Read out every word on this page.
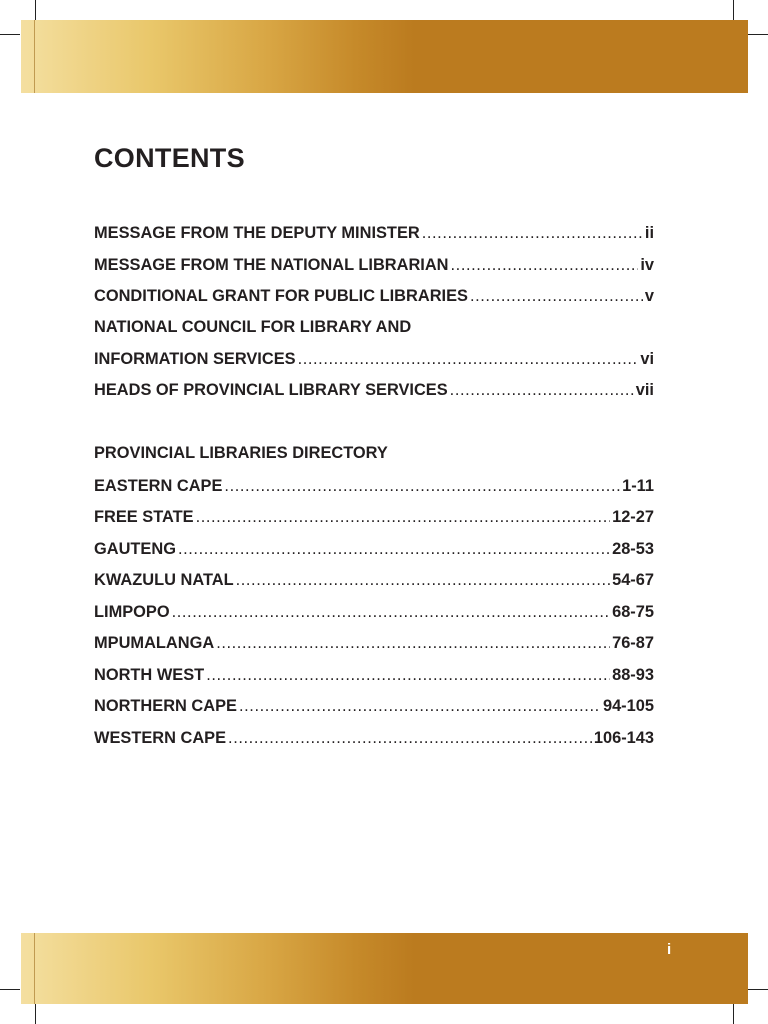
CONTENTS
MESSAGE FROM THE DEPUTY MINISTER .....	ii
MESSAGE FROM THE NATIONAL LIBRARIAN .....	iv
CONDITIONAL GRANT FOR PUBLIC LIBRARIES .....	v
NATIONAL COUNCIL FOR LIBRARY AND
INFORMATION SERVICES .....	vi
HEADS OF PROVINCIAL LIBRARY SERVICES .....	vii
PROVINCIAL LIBRARIES DIRECTORY
EASTERN CAPE .....	1-11
FREE STATE .....	12-27
GAUTENG .....	28-53
KWAZULU NATAL .....	54-67
LIMPOPO .....	68-75
MPUMALANGA .....	76-87
NORTH WEST .....	88-93
NORTHERN CAPE .....	94-105
WESTERN CAPE .....	106-143
i
